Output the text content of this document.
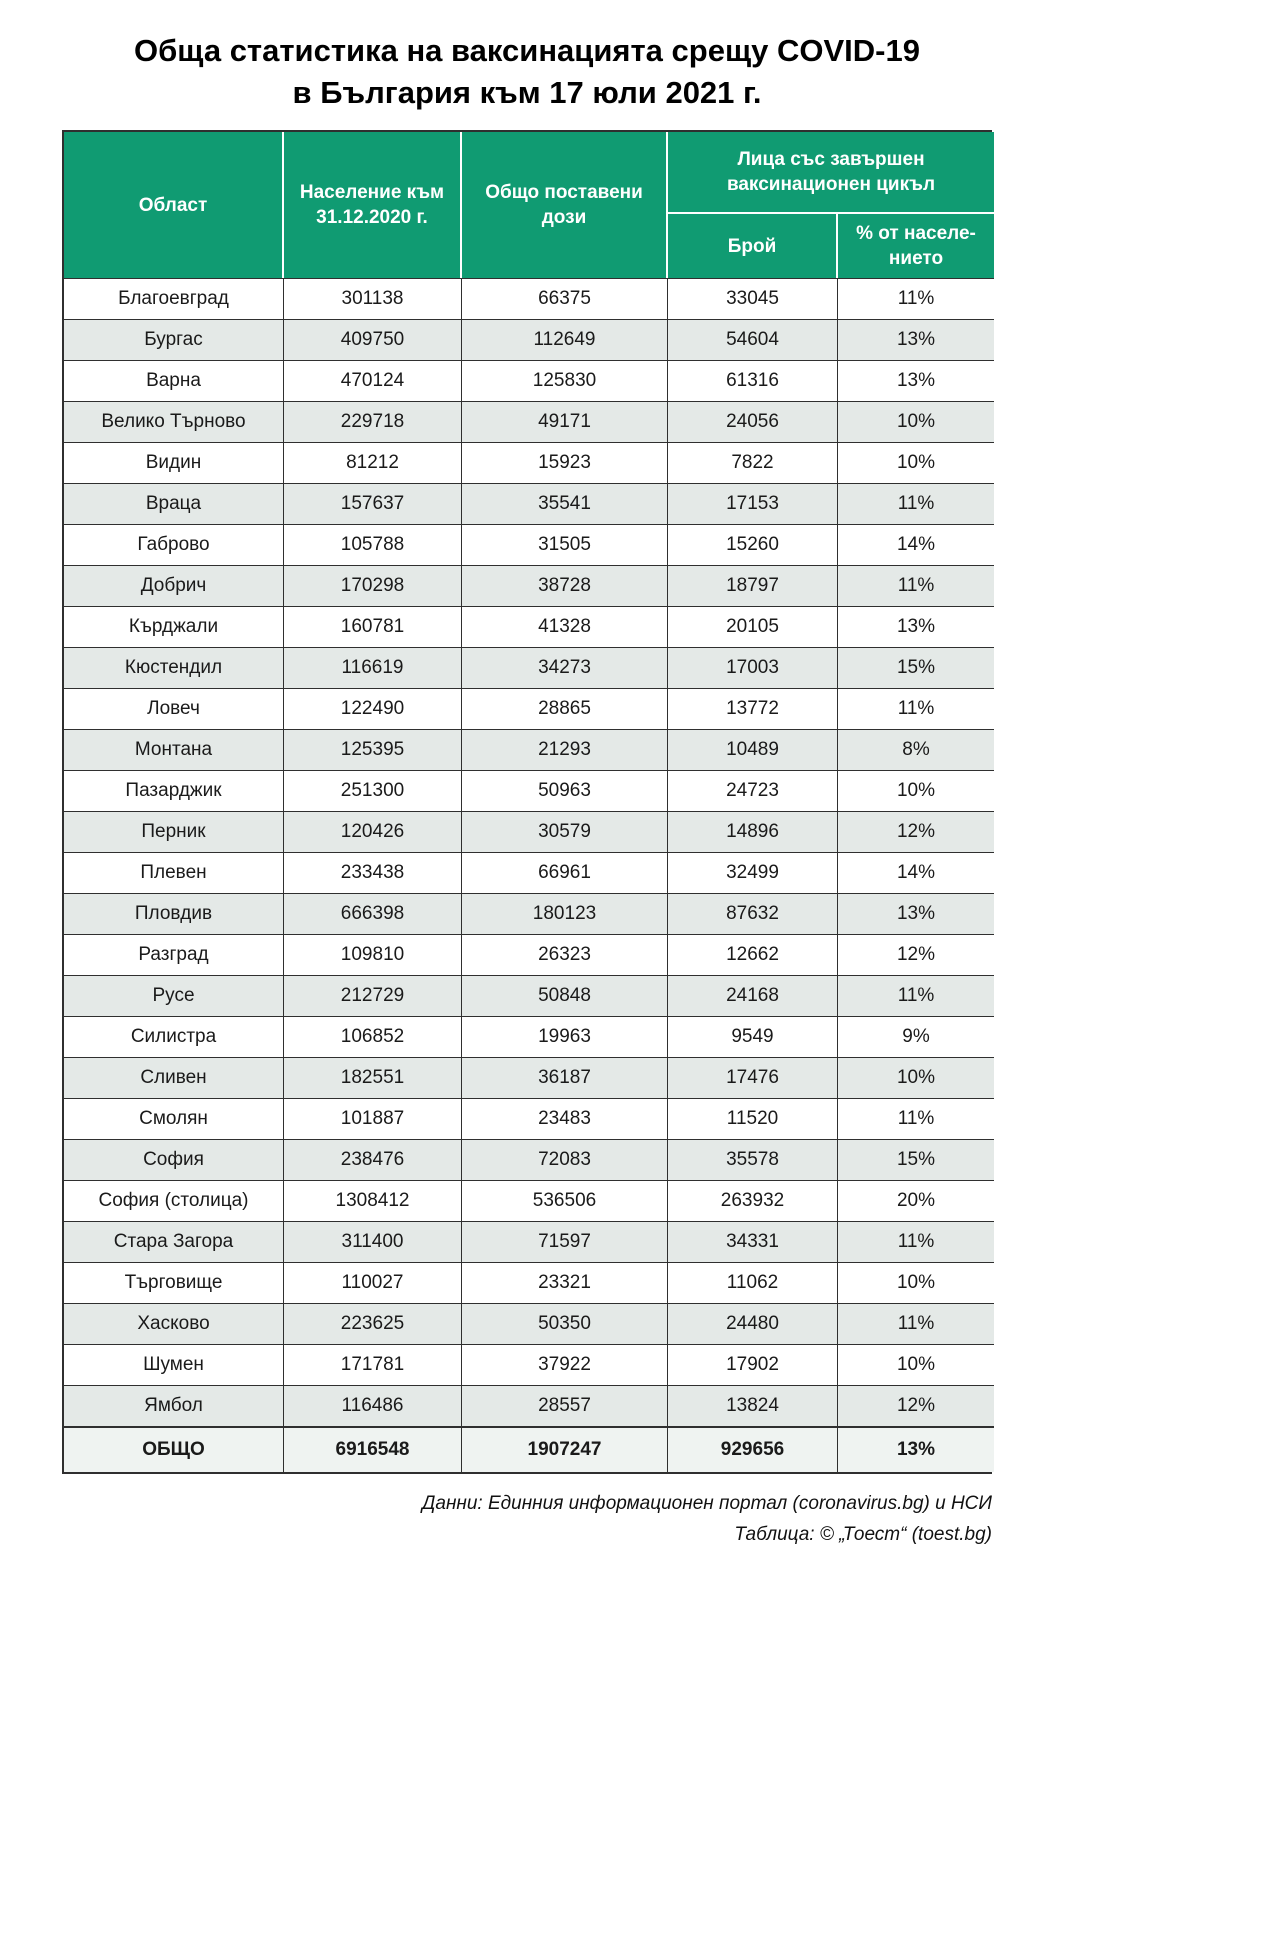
Обща статистика на ваксинацията срещу COVID-19
в България към 17 юли 2021 г.
Област	Население към 31.12.2020 г.	Общо поставени дози	Лица със завършен ваксинационен цикъл	
			Брой	% от населе-
нието
Благоевград	301138	66375	33045	11%
Бургас	409750	112649	54604	13%
Варна	470124	125830	61316	13%
Велико Търново	229718	49171	24056	10%
Видин	81212	15923	7822	10%
Враца	157637	35541	17153	11%
Габрово	105788	31505	15260	14%
Добрич	170298	38728	18797	11%
Кърджали	160781	41328	20105	13%
Кюстендил	116619	34273	17003	15%
Ловеч	122490	28865	13772	11%
Монтана	125395	21293	10489	8%
Пазарджик	251300	50963	24723	10%
Перник	120426	30579	14896	12%
Плевен	233438	66961	32499	14%
Пловдив	666398	180123	87632	13%
Разград	109810	26323	12662	12%
Русе	212729	50848	24168	11%
Силистра	106852	19963	9549	9%
Сливен	182551	36187	17476	10%
Смолян	101887	23483	11520	11%
София	238476	72083	35578	15%
София (столица)	1308412	536506	263932	20%
Стара Загора	311400	71597	34331	11%
Търговище	110027	23321	11062	10%
Хасково	223625	50350	24480	11%
Шумен	171781	37922	17902	10%
Ямбол	116486	28557	13824	12%
ОБЩО	6916548	1907247	929656	13%
Данни: Единния информационен портал (coronavirus.bg) и НСИ
Таблица: © „Тоест“ (toest.bg)
